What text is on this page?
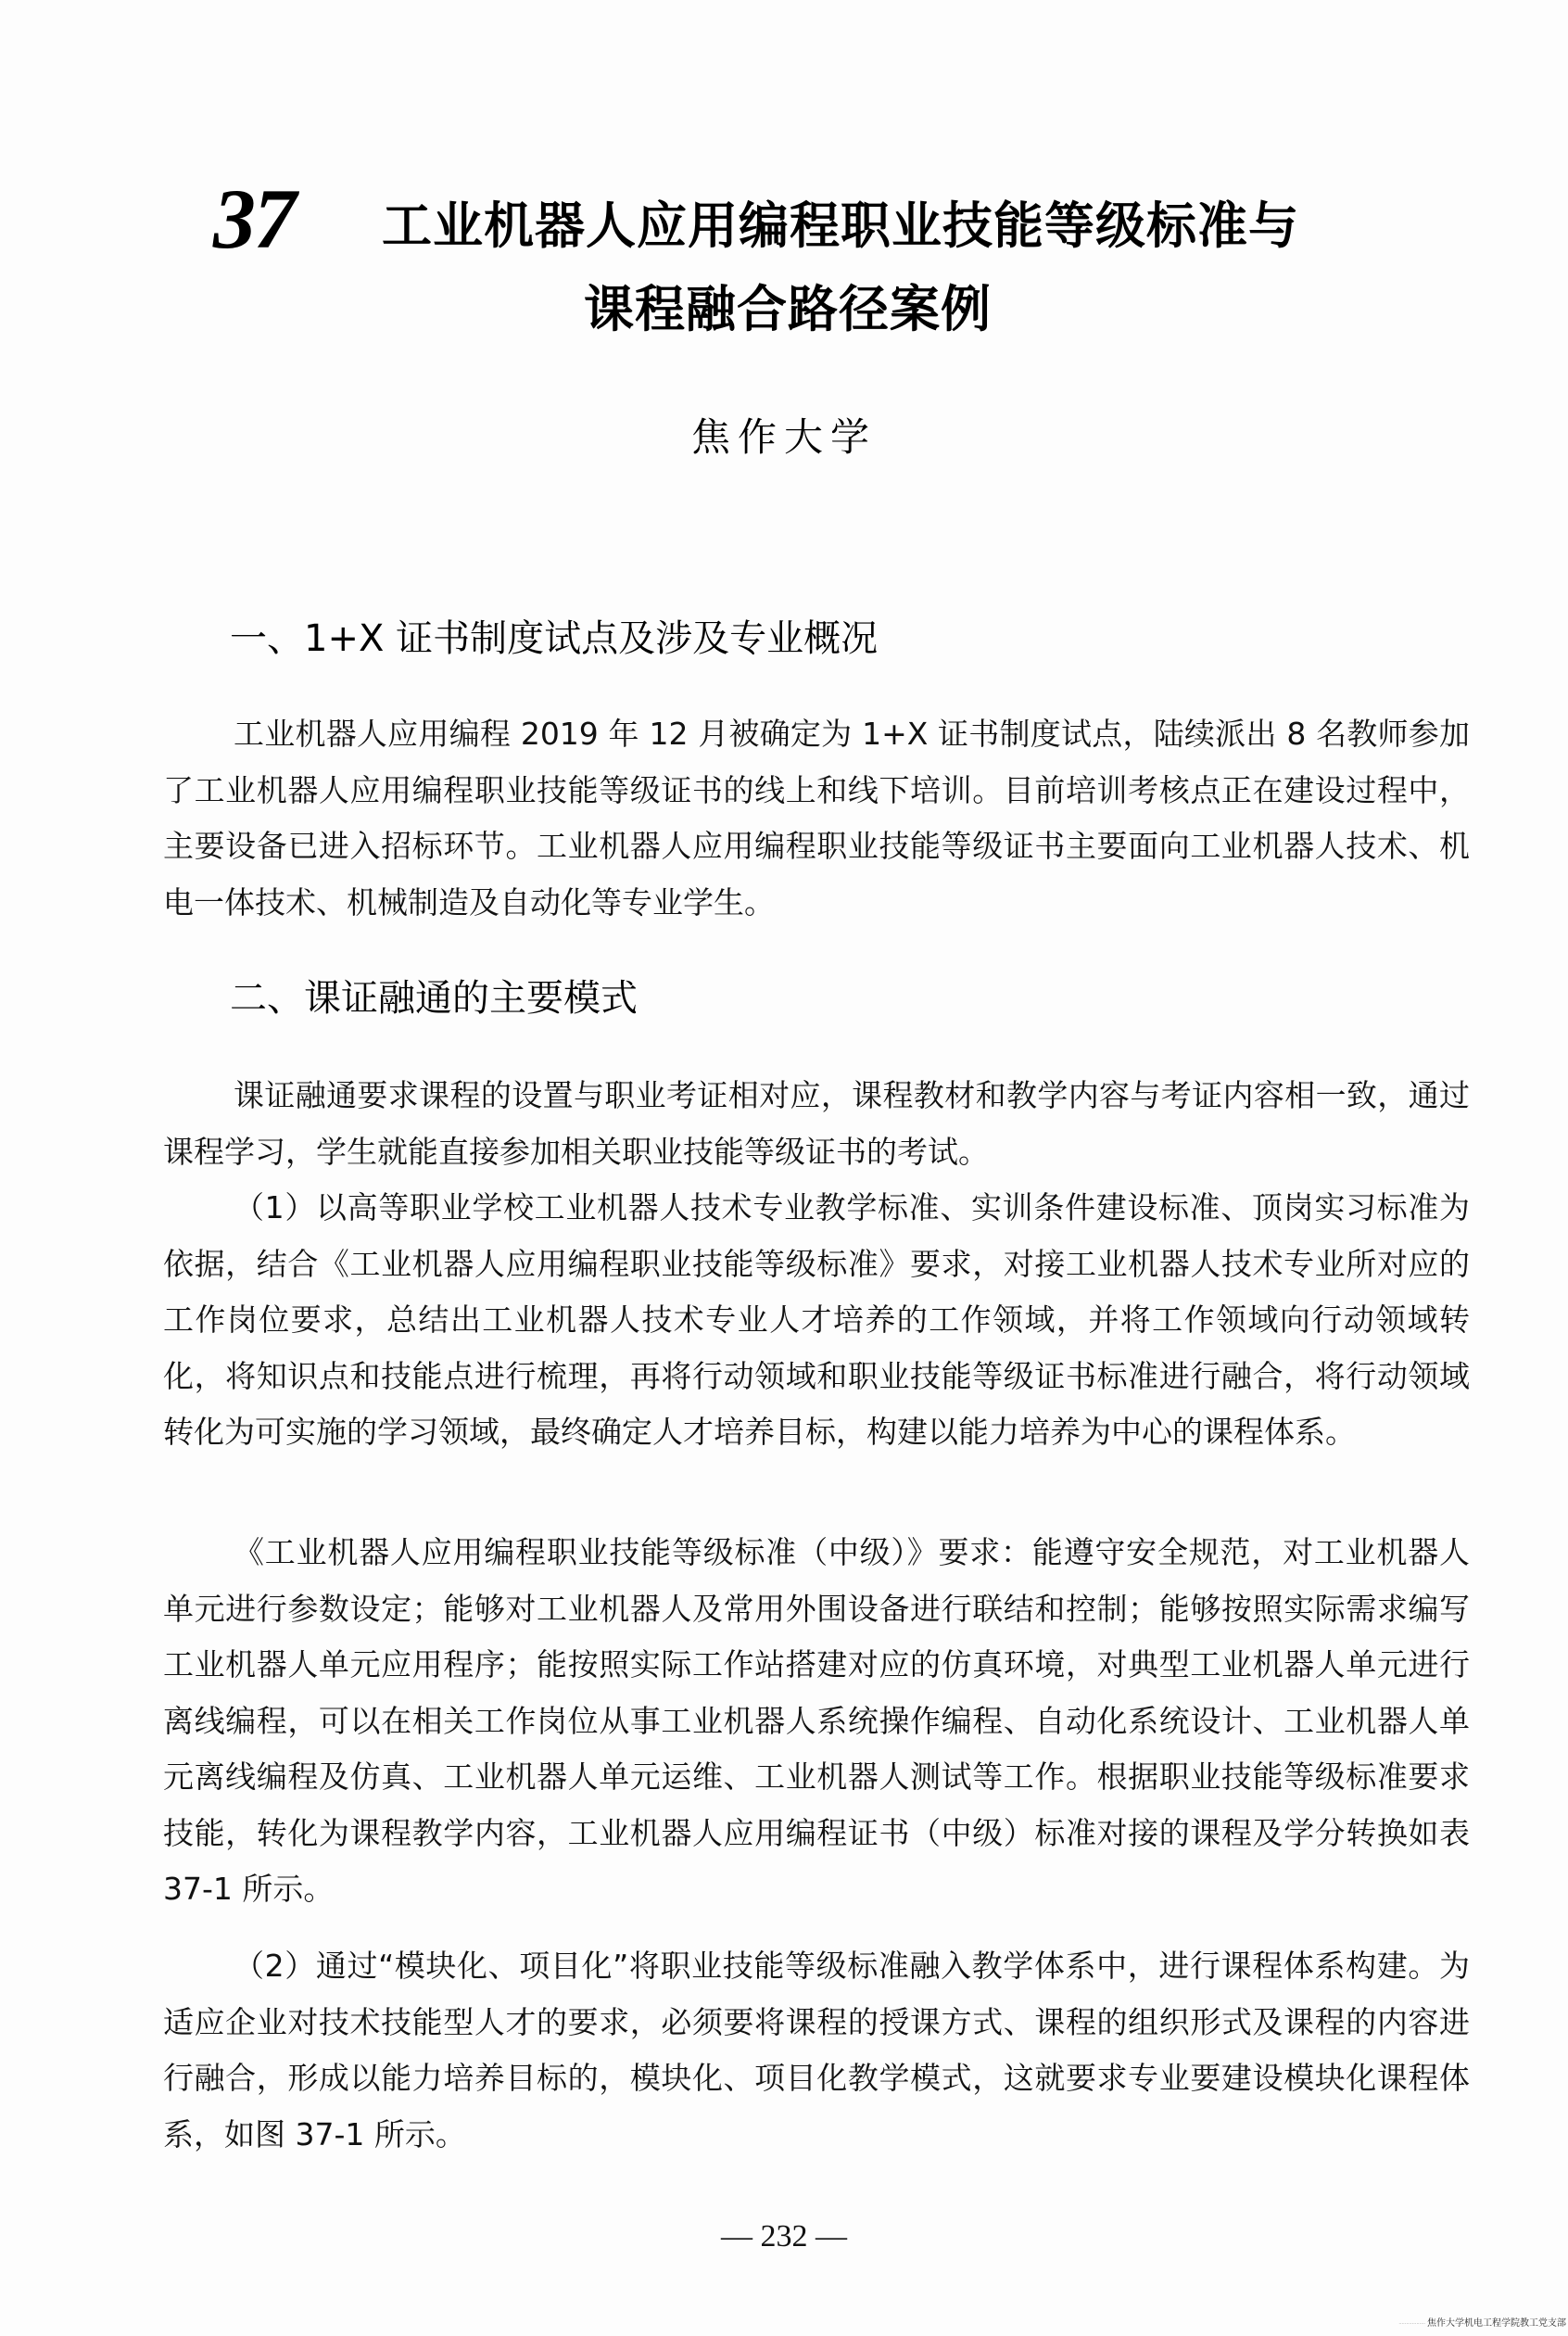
37 工业机器人应用编程职业技能等级标准与
课程融合路径案例
焦作大学
一、1+X 证书制度试点及涉及专业概况

工业机器人应用编程 2019 年 12 月被确定为 1+X 证书制度试点，陆续派出 8 名教师参加了工业机器人应用编程职业技能等级证书的线上和线下培训。目前培训考核点正在建设过程中，主要设备已进入招标环节。工业机器人应用编程职业技能等级证书主要面向工业机器人技术、机电一体技术、机械制造及自动化等专业学生。

二、课证融通的主要模式

课证融通要求课程的设置与职业考证相对应，课程教材和教学内容与考证内容相一致，通过课程学习，学生就能直接参加相关职业技能等级证书的考试。

（1）以高等职业学校工业机器人技术专业教学标准、实训条件建设标准、顶岗实习标准为依据，结合《工业机器人应用编程职业技能等级标准》要求，对接工业机器人技术专业所对应的工作岗位要求，总结出工业机器人技术专业人才培养的工作领域，并将工作领域向行动领域转化，将知识点和技能点进行梳理，再将行动领域和职业技能等级证书标准进行融合，将行动领域转化为可实施的学习领域，最终确定人才培养目标，构建以能力培养为中心的课程体系。

《工业机器人应用编程职业技能等级标准（中级）》要求：能遵守安全规范，对工业机器人单元进行参数设定；能够对工业机器人及常用外围设备进行联结和控制；能够按照实际需求编写工业机器人单元应用程序；能按照实际工作站搭建对应的仿真环境，对典型工业机器人单元进行离线编程，可以在相关工作岗位从事工业机器人系统操作编程、自动化系统设计、工业机器人单元离线编程及仿真、工业机器人单元运维、工业机器人测试等工作。根据职业技能等级标准要求技能，转化为课程教学内容，工业机器人应用编程证书（中级）标准对接的课程及学分转换如表 37-1 所示。

（2）通过“模块化、项目化”将职业技能等级标准融入教学体系中，进行课程体系构建。为适应企业对技术技能型人才的要求，必须要将课程的授课方式、课程的组织形式及课程的内容进行融合，形成以能力培养目标的，模块化、项目化教学模式，这就要求专业要建设模块化课程体系，如图 37-1 所示。

— 232 —
·················· 焦作大学机电工程学院教工党支部
